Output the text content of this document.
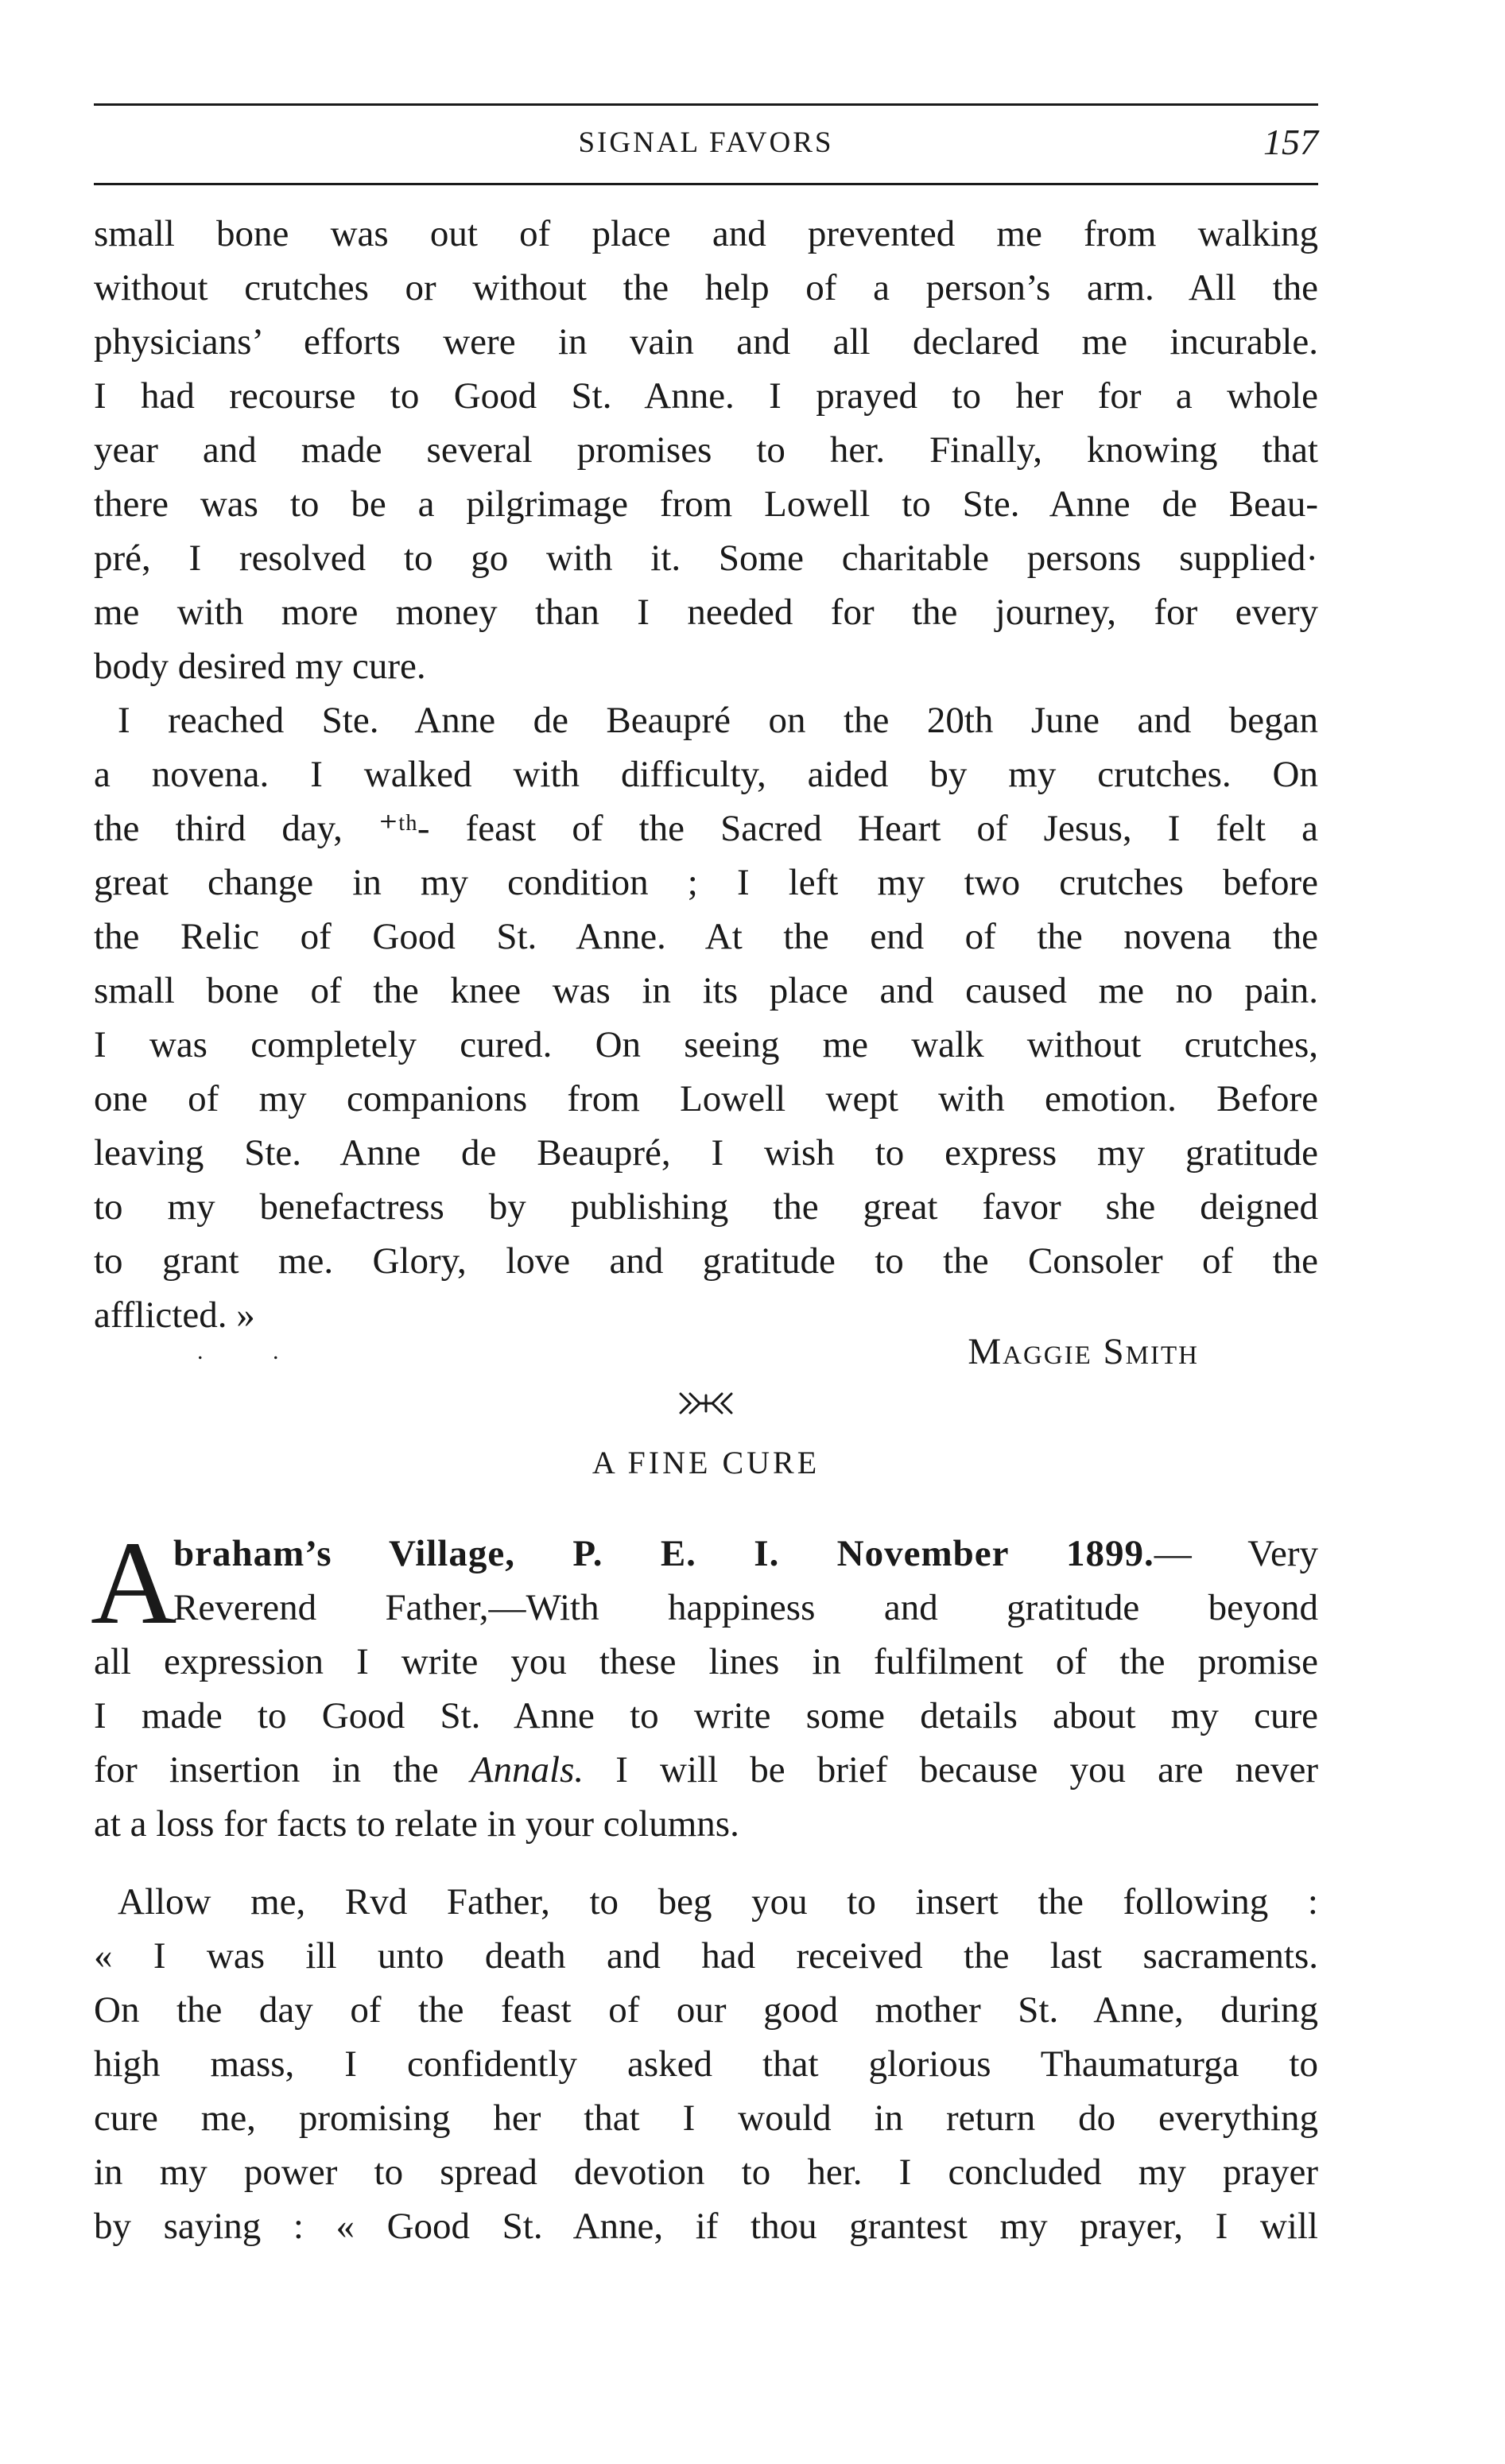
SIGNAL FAVORS	157
small bone was out of place and prevented me from walking
without crutches or without the help of a person’s arm. All the
physicians’ efforts were in vain and all declared me incurable.
I had recourse to Good St. Anne. I prayed to her for a whole
year and made several promises to her. Finally, knowing that
there was to be a pilgrimage from Lowell to Ste. Anne de Beau-
pré, I resolved to go with it. Some charitable persons supplied·
me with more money than I needed for the journey, for every
body desired my cure.
I reached Ste. Anne de Beaupré on the 20th June and began
a novena. I walked with difficulty, aided by my crutches. On
the third day, ⁺ᵗʰ- feast of the Sacred Heart of Jesus, I felt a
great change in my condition ; I left my two crutches before
the Relic of Good St. Anne. At the end of the novena the
small bone of the knee was in its place and caused me no pain.
I was completely cured. On seeing me walk without crutches,
one of my companions from Lowell wept with emotion. Before
leaving Ste. Anne de Beaupré, I wish to express my gratitude
to my benefactress by publishing the great favor she deigned
to grant me. Glory, love and gratitude to the Consoler of the
afflicted. »
. .	Maggie Smith
A FINE CURE
A
braham’s Village, P. E. I. November 1899.— Very
Reverend Father,—With happiness and gratitude beyond
all expression I write you these lines in fulfilment of the promise
I made to Good St. Anne to write some details about my cure
for insertion in the Annals. I will be brief because you are never
at a loss for facts to relate in your columns.
Allow me, Rvd Father, to beg you to insert the following :
« I was ill unto death and had received the last sacraments.
On the day of the feast of our good mother St. Anne, during
high mass, I confidently asked that glorious Thaumaturga to
cure me, promising her that I would in return do everything
in my power to spread devotion to her. I concluded my prayer
by saying : « Good St. Anne, if thou grantest my prayer, I will
